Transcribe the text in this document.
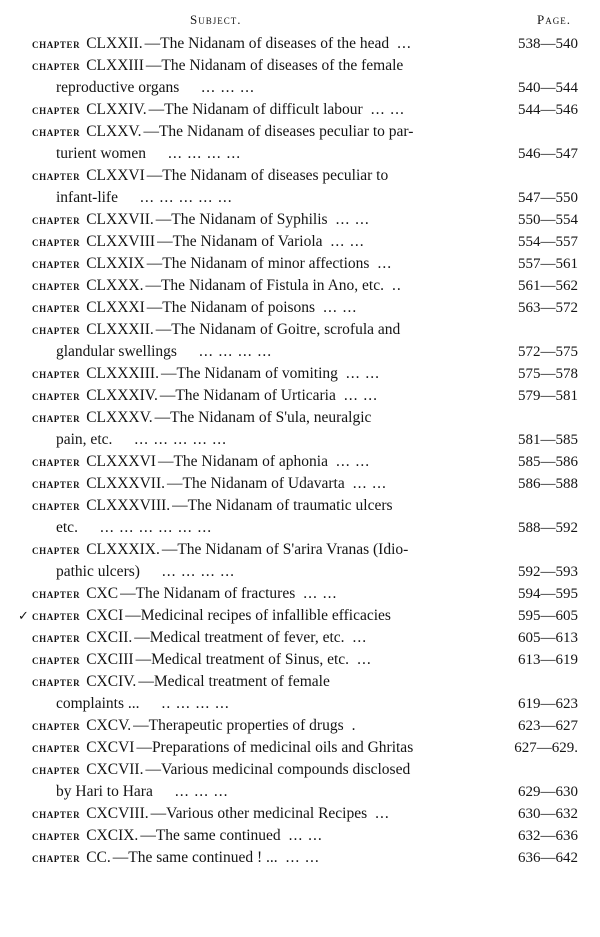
Subject.	Page.
CHAPTER CLXXII. —The Nidanam of diseases of the head ...	538—540
CHAPTER CLXXIII —The Nidanam of diseases of the female
reproductive organs ... ... ...	540—544
CHAPTER CLXXIV. —The Nidanam of difficult labour ... ...	544—546
CHAPTER CLXXV. —The Nidanam of diseases peculiar to par-
turient women ... ... ... ...	546—547
CHAPTER CLXXVI —The Nidanam of diseases peculiar to
infant-life ... ... ... ... ...	547—550
CHAPTER CLXXVII. —The Nidanam of Syphilis ... ...	550—554
CHAPTER CLXXVIII —The Nidanam of Variola ... ...	554—557
CHAPTER CLXXIX —The Nidanam of minor affections ...	557—561
CHAPTER CLXXX. —The Nidanam of Fistula in Ano, etc. ..	561—562
CHAPTER CLXXXI —The Nidanam of poisons ... ...	563—572
CHAPTER CLXXXII. —The Nidanam of Goitre, scrofula and
glandular swellings ... ... ... ...	572—575
CHAPTER CLXXXIII. —The Nidanam of vomiting ... ...	575—578
CHAPTER CLXXXIV. —The Nidanam of Urticaria ... ...	579—581
CHAPTER CLXXXV. —The Nidanam of S'ula, neuralgic
pain, etc. ... ... ... ... ...	581—585
CHAPTER CLXXXVI —The Nidanam of aphonia ... ...	585—586
CHAPTER CLXXXVII. —The Nidanam of Udavarta ... ...	586—588
CHAPTER CLXXXVIII. —The Nidanam of traumatic ulcers
etc. ... ... ... ... ... ...	588—592
CHAPTER CLXXXIX. —The Nidanam of S'arira Vranas (Idio-
pathic ulcers) ... ... ... ...	592—593
CHAPTER CXC —The Nidanam of fractures ... ...	594—595
✓ CHAPTER CXCI —Medicinal recipes of infallible efficacies	595—605
CHAPTER CXCII. —Medical treatment of fever, etc. ...	605—613
CHAPTER CXCIII —Medical treatment of Sinus, etc. ...	613—619
CHAPTER CXCIV. —Medical treatment of female
complaints ... .. ... ... ...	619—623
CHAPTER CXCV. —Therapeutic properties of drugs .	623—627
CHAPTER CXCVI —Preparations of medicinal oils and Ghritas	627—629.
CHAPTER CXCVII. —Various medicinal compounds disclosed
by Hari to Hara ... ... ...	629—630
CHAPTER CXCVIII. —Various other medicinal Recipes ...	630—632
CHAPTER CXCIX. —The same continued ... ...	632—636
CHAPTER CC. —The same continued ! ... ... ...	636—642
